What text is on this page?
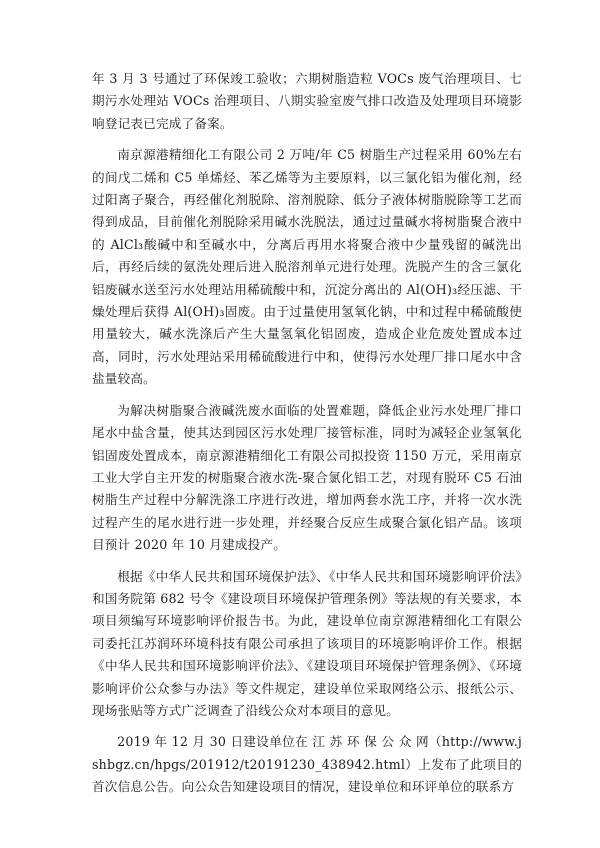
年 3 月 3 号通过了环保竣工验收；六期树脂造粒 VOCs 废气治理项目、七期污水处理站 VOCs 治理项目、八期实验室废气排口改造及处理项目环境影响登记表已完成了备案。

南京源港精细化工有限公司 2 万吨/年 C5 树脂生产过程采用 60%左右的间戊二烯和 C5 单烯烃、苯乙烯等为主要原料，以三氯化铝为催化剂，经过阳离子聚合，再经催化剂脱除、溶剂脱除、低分子液体树脂脱除等工艺而得到成品，目前催化剂脱除采用碱水洗脱法，通过过量碱水将树脂聚合液中的 AlCl₃酸碱中和至碱水中，分离后再用水将聚合液中少量残留的碱洗出后，再经后续的氨洗处理后进入脱溶剂单元进行处理。洗脱产生的含三氯化铝废碱水送至污水处理站用稀硫酸中和，沉淀分离出的 Al(OH)₃经压滤、干燥处理后获得 Al(OH)₃固废。由于过量使用氢氧化钠，中和过程中稀硫酸使用量较大，碱水洗涤后产生大量氢氧化铝固废，造成企业危废处置成本过高，同时，污水处理站采用稀硫酸进行中和，使得污水处理厂排口尾水中含盐量较高。

为解决树脂聚合液碱洗废水面临的处置难题，降低企业污水处理厂排口尾水中盐含量，使其达到园区污水处理厂接管标准，同时为减轻企业氢氧化铝固废处置成本，南京源港精细化工有限公司拟投资 1150 万元，采用南京工业大学自主开发的树脂聚合液水洗-聚合氯化铝工艺，对现有脱环 C5 石油树脂生产过程中分解洗涤工序进行改进，增加两套水洗工序，并将一次水洗过程产生的尾水进行进一步处理，并经聚合反应生成聚合氯化铝产品。该项目预计 2020 年 10 月建成投产。

根据《中华人民共和国环境保护法》、《中华人民共和国环境影响评价法》和国务院第 682 号令《建设项目环境保护管理条例》等法规的有关要求，本项目须编写环境影响评价报告书。为此，建设单位南京源港精细化工有限公司委托江苏润环环境科技有限公司承担了该项目的环境影响评价工作。根据《中华人民共和国环境影响评价法》、《建设项目环境保护管理条例》、《环境影响评价公众参与办法》等文件规定，建设单位采取网络公示、报纸公示、现场张贴等方式广泛调查了沿线公众对本项目的意见。

2019 年 12 月 30 日建设单位在 江 苏 环 保 公 众 网（http://www.jshbgz.cn/hpgs/201912/t20191230_438942.html）上发布了此项目的首次信息公告。向公众告知建设项目的情况，建设单位和环评单位的联系方
